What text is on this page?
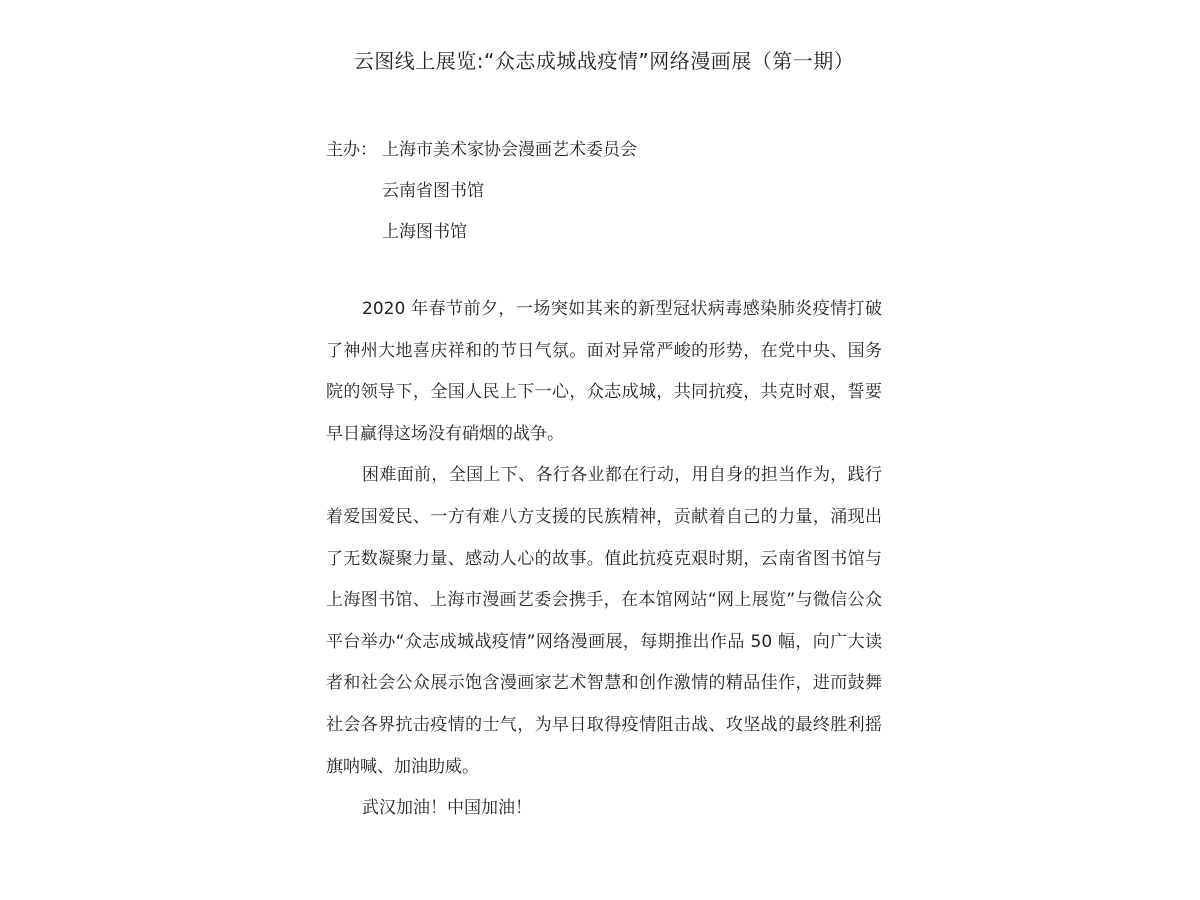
云图线上展览:“众志成城战疫情”网络漫画展（第一期）
主办： 上海市美术家协会漫画艺术委员会
云南省图书馆
上海图书馆

2020 年春节前夕，一场突如其来的新型冠状病毒感染肺炎疫情打破了神州大地喜庆祥和的节日气氛。面对异常严峻的形势，在党中央、国务院的领导下，全国人民上下一心，众志成城，共同抗疫，共克时艰，誓要早日赢得这场没有硝烟的战争。

困难面前，全国上下、各行各业都在行动，用自身的担当作为，践行着爱国爱民、一方有难八方支援的民族精神，贡献着自己的力量，涌现出了无数凝聚力量、感动人心的故事。值此抗疫克艰时期，云南省图书馆与上海图书馆、上海市漫画艺委会携手，在本馆网站“网上展览”与微信公众平台举办“众志成城战疫情”网络漫画展，每期推出作品 50 幅，向广大读者和社会公众展示饱含漫画家艺术智慧和创作激情的精品佳作，进而鼓舞社会各界抗击疫情的士气，为早日取得疫情阻击战、攻坚战的最终胜利摇旗呐喊、加油助威。

武汉加油！中国加油！
